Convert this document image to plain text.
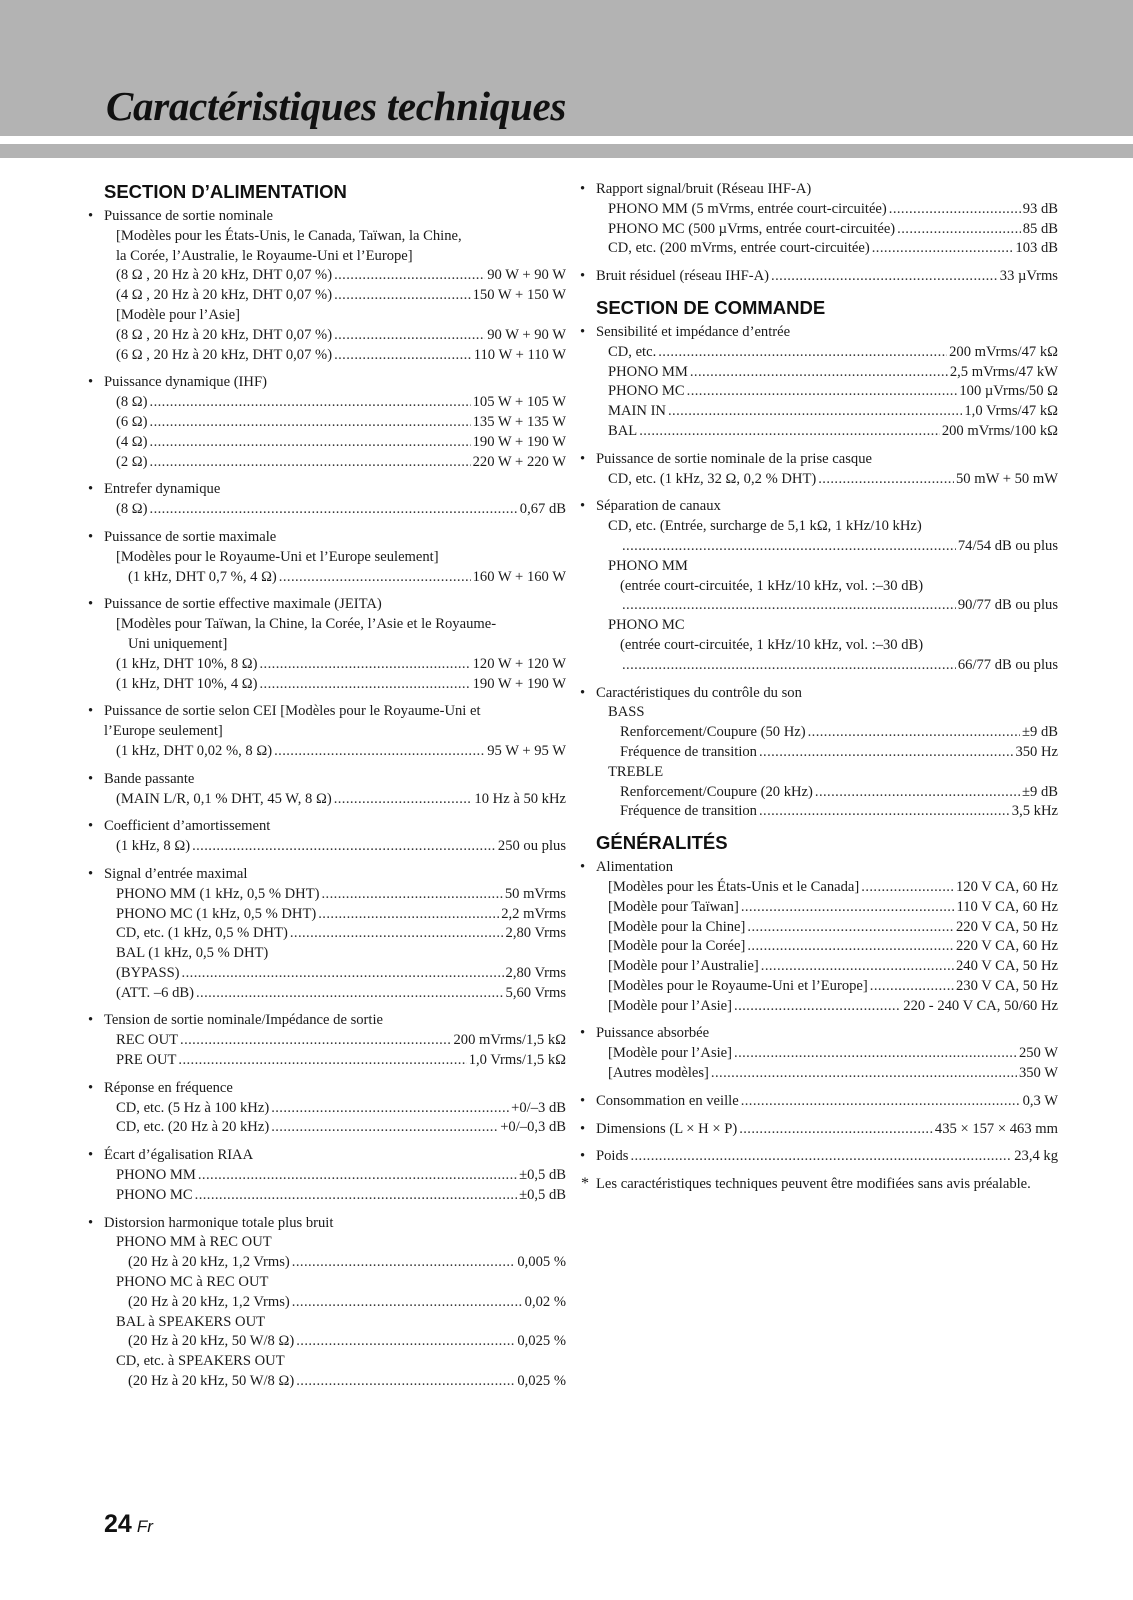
Caractéristiques techniques
SECTION D’ALIMENTATION
• Puissance de sortie nominale
[Modèles pour les États-Unis, le Canada, Taïwan, la Chine,
la Corée, l’Australie, le Royaume-Uni et l’Europe]
(8 Ω , 20 Hz à 20 kHz, DHT 0,07 %) .....	90 W + 90 W
(4 Ω , 20 Hz à 20 kHz, DHT 0,07 %) .....	150 W + 150 W
[Modèle pour l’Asie]
(8 Ω , 20 Hz à 20 kHz, DHT 0,07 %) .....	90 W + 90 W
(6 Ω , 20 Hz à 20 kHz, DHT 0,07 %) .....	110 W + 110 W
• Puissance dynamique (IHF)
(8 Ω) .....	105 W + 105 W
(6 Ω) .....	135 W + 135 W
(4 Ω) .....	190 W + 190 W
(2 Ω) .....	220 W + 220 W
• Entrefer dynamique
(8 Ω) .....	0,67 dB
• Puissance de sortie maximale
[Modèles pour le Royaume-Uni et l’Europe seulement]
(1 kHz, DHT 0,7 %, 4 Ω) .....	160 W + 160 W
• Puissance de sortie effective maximale (JEITA)
[Modèles pour Taïwan, la Chine, la Corée, l’Asie et le Royaume-
Uni uniquement]
(1 kHz, DHT 10%, 8 Ω) .....	120 W + 120 W
(1 kHz, DHT 10%, 4 Ω) .....	190 W + 190 W
• Puissance de sortie selon CEI [Modèles pour le Royaume-Uni et
l’Europe seulement]
(1 kHz, DHT 0,02 %, 8 Ω) .....	95 W + 95 W
• Bande passante
(MAIN L/R, 0,1 % DHT, 45 W, 8 Ω) .....	10 Hz à 50 kHz
• Coefficient d’amortissement
(1 kHz, 8 Ω) .....	250 ou plus
• Signal d’entrée maximal
PHONO MM (1 kHz, 0,5 % DHT) .....	50 mVrms
PHONO MC (1 kHz, 0,5 % DHT) .....	2,2 mVrms
CD, etc. (1 kHz, 0,5 % DHT) .....	2,80 Vrms
BAL (1 kHz, 0,5 % DHT)
(BYPASS) .....	2,80 Vrms
(ATT. –6 dB) .....	5,60 Vrms
• Tension de sortie nominale/Impédance de sortie
REC OUT .....	200 mVrms/1,5 kΩ
PRE OUT .....	1,0 Vrms/1,5 kΩ
• Réponse en fréquence
CD, etc. (5 Hz à 100 kHz) .....	+0/–3 dB
CD, etc. (20 Hz à 20 kHz) .....	+0/–0,3 dB
• Écart d’égalisation RIAA
PHONO MM .....	±0,5 dB
PHONO MC .....	±0,5 dB
• Distorsion harmonique totale plus bruit
PHONO MM à REC OUT
(20 Hz à 20 kHz, 1,2 Vrms) .....	0,005 %
PHONO MC à REC OUT
(20 Hz à 20 kHz, 1,2 Vrms) .....	0,02 %
BAL à SPEAKERS OUT
(20 Hz à 20 kHz, 50 W/8 Ω) .....	0,025 %
CD, etc. à SPEAKERS OUT
(20 Hz à 20 kHz, 50 W/8 Ω) .....	0,025 %
• Rapport signal/bruit (Réseau IHF-A)
PHONO MM (5 mVrms, entrée court-circuitée) .....	93 dB
PHONO MC (500 µVrms, entrée court-circuitée) .....	85 dB
CD, etc. (200 mVrms, entrée court-circuitée) .....	103 dB
• Bruit résiduel (réseau IHF-A) .....	33 µVrms
SECTION DE COMMANDE
• Sensibilité et impédance d’entrée
CD, etc. .....	200 mVrms/47 kΩ
PHONO MM .....	2,5 mVrms/47 kW
PHONO MC .....	100 µVrms/50 Ω
MAIN IN .....	1,0 Vrms/47 kΩ
BAL .....	200 mVrms/100 kΩ
• Puissance de sortie nominale de la prise casque
CD, etc. (1 kHz, 32 Ω, 0,2 % DHT) .....	50 mW + 50 mW
• Séparation de canaux
CD, etc. (Entrée, surcharge de 5,1 kΩ, 1 kHz/10 kHz)
.....
74/54 dB ou plus
PHONO MM
(entrée court-circuitée, 1 kHz/10 kHz, vol. :–30 dB)
.....
90/77 dB ou plus
PHONO MC
(entrée court-circuitée, 1 kHz/10 kHz, vol. :–30 dB)
.....
66/77 dB ou plus
• Caractéristiques du contrôle du son
BASS
Renforcement/Coupure (50 Hz) .....	±9 dB
Fréquence de transition .....	350 Hz
TREBLE
Renforcement/Coupure (20 kHz) .....	±9 dB
Fréquence de transition .....	3,5 kHz
GÉNÉRALITÉS
• Alimentation
[Modèles pour les États-Unis et le Canada] .....	120 V CA, 60 Hz
[Modèle pour Taïwan] .....	110 V CA, 60 Hz
[Modèle pour la Chine] .....	220 V CA, 50 Hz
[Modèle pour la Corée] .....	220 V CA, 60 Hz
[Modèle pour l’Australie] .....	240 V CA, 50 Hz
[Modèles pour le Royaume-Uni et l’Europe] .....	230 V CA, 50 Hz
[Modèle pour l’Asie] .....	220 - 240 V CA, 50/60 Hz
• Puissance absorbée
[Modèle pour l’Asie] .....	250 W
[Autres modèles] .....	350 W
• Consommation en veille .....	0,3 W
• Dimensions (L × H × P) .....	435 × 157 × 463 mm
• Poids .....	23,4 kg
* Les caractéristiques techniques peuvent être modifiées sans avis préalable.
24 Fr
